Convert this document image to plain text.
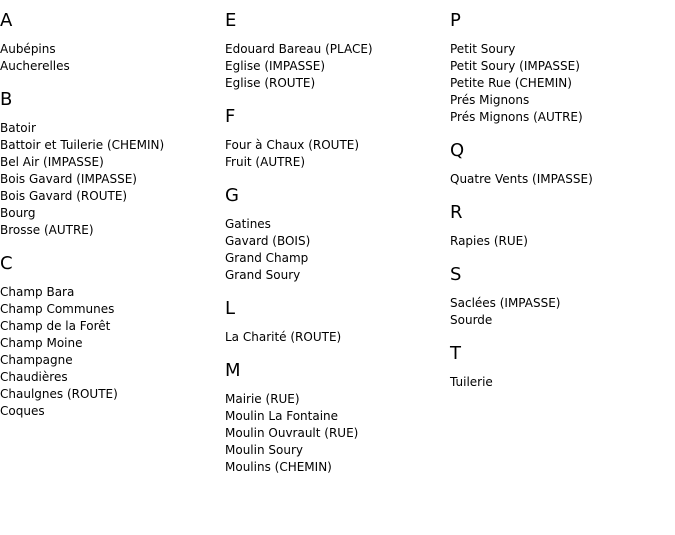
A
Aubépins
Aucherelles
B
Batoir
Battoir et Tuilerie (CHEMIN)
Bel Air (IMPASSE)
Bois Gavard (IMPASSE)
Bois Gavard (ROUTE)
Bourg
Brosse (AUTRE)
C
Champ Bara
Champ Communes
Champ de la Forêt
Champ Moine
Champagne
Chaudières
Chaulgnes (ROUTE)
Coques
E
Edouard Bareau (PLACE)
Eglise (IMPASSE)
Eglise (ROUTE)
F
Four à Chaux (ROUTE)
Fruit (AUTRE)
G
Gatines
Gavard (BOIS)
Grand Champ
Grand Soury
L
La Charité (ROUTE)
M
Mairie (RUE)
Moulin La Fontaine
Moulin Ouvrault (RUE)
Moulin Soury
Moulins (CHEMIN)
P
Petit Soury
Petit Soury (IMPASSE)
Petite Rue (CHEMIN)
Prés Mignons
Prés Mignons (AUTRE)
Q
Quatre Vents (IMPASSE)
R
Rapies (RUE)
S
Saclées (IMPASSE)
Sourde
T
Tuilerie
